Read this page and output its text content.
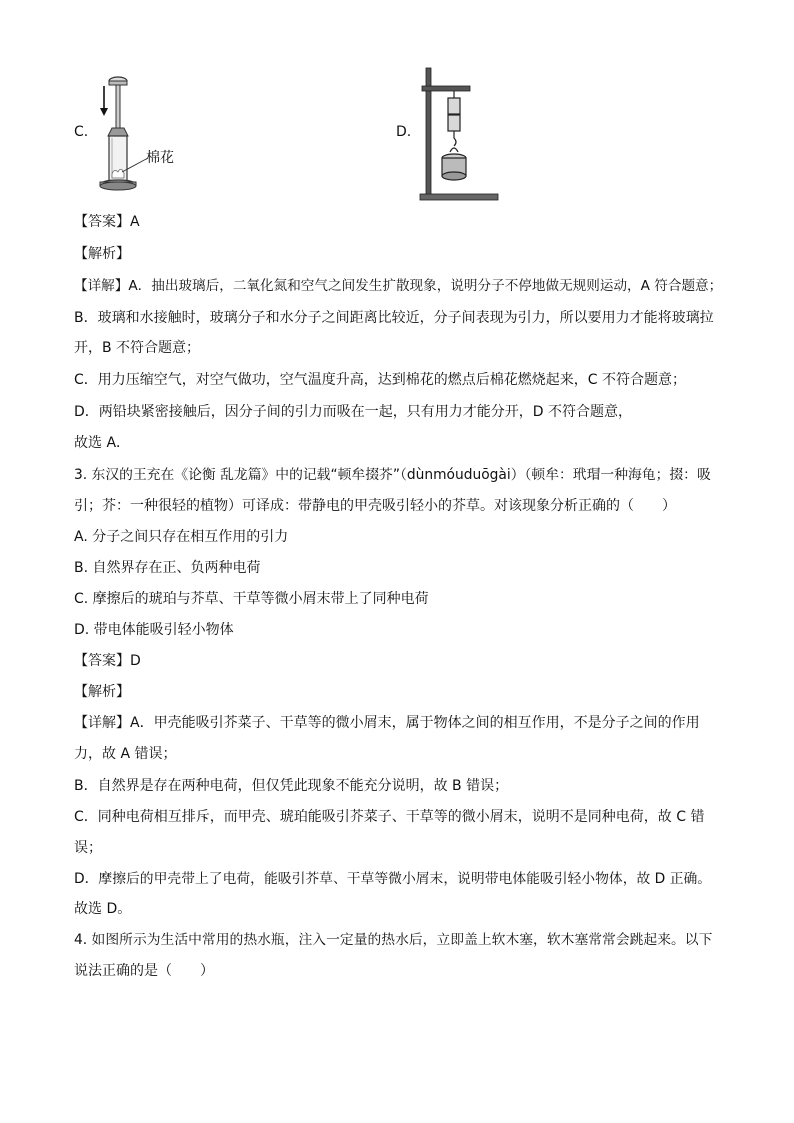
C.
棉花
D.
【答案】A
【解析】
【详解】A．抽出玻璃后，二氧化氮和空气之间发生扩散现象，说明分子不停地做无规则运动，A 符合题意；
B．玻璃和水接触时，玻璃分子和水分子之间距离比较近，分子间表现为引力，所以要用力才能将玻璃拉
开，B 不符合题意；
C．用力压缩空气，对空气做功，空气温度升高，达到棉花的燃点后棉花燃烧起来，C 不符合题意；
D．两铅块紧密接触后，因分子间的引力而吸在一起，只有用力才能分开，D 不符合题意，
故选 A．
3. 东汉的王充在《论衡 乱龙篇》中的记载“顿牟掇芥”（dùnmóuduōgài）（顿牟：玳瑁一种海龟；掇：吸
引；芥：一种很轻的植物）可译成：带静电的甲壳吸引轻小的芥草。对该现象分析正确的（　　）
A. 分子之间只存在相互作用的引力
B. 自然界存在正、负两种电荷
C. 摩擦后的琥珀与芥草、干草等微小屑末带上了同种电荷
D. 带电体能吸引轻小物体
【答案】D
【解析】
【详解】A．甲壳能吸引芥菜子、干草等的微小屑末，属于物体之间的相互作用，不是分子之间的作用
力，故 A 错误；
B．自然界是存在两种电荷，但仅凭此现象不能充分说明，故 B 错误；
C．同种电荷相互排斥，而甲壳、琥珀能吸引芥菜子、干草等的微小屑末，说明不是同种电荷，故 C 错
误；
D．摩擦后的甲壳带上了电荷，能吸引芥草、干草等微小屑末，说明带电体能吸引轻小物体，故 D 正确。
故选 D。
4. 如图所示为生活中常用的热水瓶，注入一定量的热水后，立即盖上软木塞，软木塞常常会跳起来。以下
说法正确的是（　　）
